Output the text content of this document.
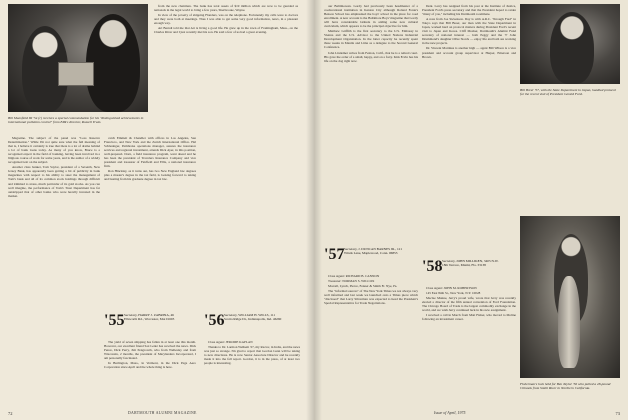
Bill Mansfield III '54 (r) receives a special commendation for his "distinguished achievements in international pollution control" from EPA's director, Russell Train.

Magazine. The subject of the panel was "Loss Reserve Determination." While I'm not quite sure what the full meaning of that is, I believe it certainly is true that there is a lot of drama behind a lot of bank loans today. As many of you know, Bruce is a recognized expert in the field of banking, having been involved in a litigious course of work for some years, and is the author of a widely recognized text on the subject.

Another class banker, Tom Saylor, president of a Seventh, New Jersey Bank, has apparently been getting a bit of publicity in bank magazines with respect to his ability to steer the management of Tom's bank and all of its common stock holdings through difficult and trimmed to stress, much particular of its gold stocks. As you can well imagine, the performance of Tom's Trust Department has far outstripped that of other banks who were heavily invested in the market.

catch Emmett & Chandler with offices in Los Angeles, San Francisco, and New York and the Zurich International Office. Hal Schlesinger, Pembroke operations manager, assures the insurance services and regional investment, attends Dick Ayer, in this position, well-prepared. Dorn, a field insurance program, went ahead and he has been the president of Travelers Insurance Company and vice president and treasurer of Fairfield and Ellis, a national insurance firm.

Ron Hinckley, as it turns out, has two New England law degrees plus a master's degree in the tax field, is looking forward to taking and busting from his graduate degree in tax law.

from the new chairman. The bank has total assets of $19 million which are now to be guarded as nationals in the legal world to bring a few years, Sherbrooke, Wayne.

In view of the poverty of shipping Flanders, was on the telephone. Fortunately my calls were to doctors and they were both at meetings. Thus I was able to get some very good information, news, in a pleasant enough way.

Art Berndt told me that Art is living a good life. He grew up in the town of Framingham, Mass., on the Charles River and I just recently met his son. He said a few of us had a great evening.

'55 Secretary, HARRY J. ZABRINA, 46 Ellsworth Rd., Worcester, MA 01603

The yield of seven shipping has fallen in at least one this month. However, our excellent friend Sax Lentz has received the news. Dick Pence, Dick Perry, Jim Pengrowth, who from Wellesley and from Wisconsin, 2 months, the president of Marylanders Incorporated, I am personally fascinated.

In Burlington, Mass., in Vermont, in the Dick Page Aero Corporation since April and the whole thing is here.

'56 Secretary, WILLIAM H. WILLS, 111 Scotia Ridge Dr., Indianapolis, Ind. 46260

Class Agent: JEROME KAPLAN

Thanks to Dr. Larmon Welhem '27, my Rector, in India, and the news was just so strange. I'm glad to report that Gordon Lunn will be taking to new directions. He is now Senior Associate Director and he recently made it into the fall report. Gordon, it is in the press, of at least two people is interesting.

72	DARTMOUTH ALUMNI MAGAZINE

our Baltimorean. Gordy had previously been headmaster of a coeducational institution in Kenton City although Roland Fonte's Benson School has emphasized the boys' school in the place for coed enrollment. A new account is the Baltimore Boys' magazine that Gordy will have considerable latitude in adding some new cultural curriculum, which appears to be the principal objective for him.

Matthew Griffith is the first secretary to the U.S. Embassy in Vienna and the U.S. Advisor to the United Nations Industrial Development Organization. In the latter capacity he recently spent three weeks in Manila and Lima as a delegate to the Second General Conference.

John Lindemer writes from Fenton, Calif., that he is a retired court. His gave the order of a small, happy, and on a forty. Kirk Ervin has his life on the dog right now.

Dent. Larry has resigned from his post at the Institute of Justice, President Ford's press secretary and that the President hoped to retain "many of you," including his Dartmouth roommate.

A note from Joe Stevenson. Day is with A.R.C. "through Fred" in Tokyo says that Bill Breer, our man with the State Department in Japan, worked hard on protocol matters during President Ford's recent visit to Japan and Korea. Cliff Mosher, Dartmouth's Alumni Fund secretary of national interest — both Peggy and the ?? John Drummond's daughter Olive Storck — enjoy life and both are working in the new projects.

Dr. Vincent Martinus is another high — agent Bill Wilson is a vice president and account group supervisor at Harper, Emerson and Brown.

Bill Breer '57, with the State Department in Japan, handled protocol for the recent visit of President Gerald Ford.
'57 Secretary, J. DUNCAN BARNES JR., 121 Winds Lane, Maplewood, Conn. 06853

Class Agent: RICHARD B. CANNON

Treasurer: NORMAN S. WILCOX

Morrell, Lynch, Pierce, Fenner & Smith Fr. Nye, Pa.

The "informal sources" of The New York Times we not always very well informed and last week we launched onto a Times piece which "disclosed" that Larry Silverman was expected to head the President's Special Representative for Trade Negotiations.

'58 Secretary, JOHN MILLIKEN, 3405 N.W. 18th Terrace, Miami, Fla. 33138

Class Agent: JOHN M. ROBERTSON

145 East 84th St., New York, N.Y. 10028

Maclee Munne, Jerry's proud wife, wrote that Jerry was recently elected a director of the fifth annual convention of Ford Foundation. The Chicago Board of Trade is the largest commodity exchange in the world, and we wish Jerry continued luck in his new assignment.

I received a call in March from Matt Fisher, who moved to Moline following an investment career.

Fisherman's luck held for Ben Taylor '56 who pulled a 28-pound Chinook from Smith River in Northern California.
Issue of April, 1975	73
